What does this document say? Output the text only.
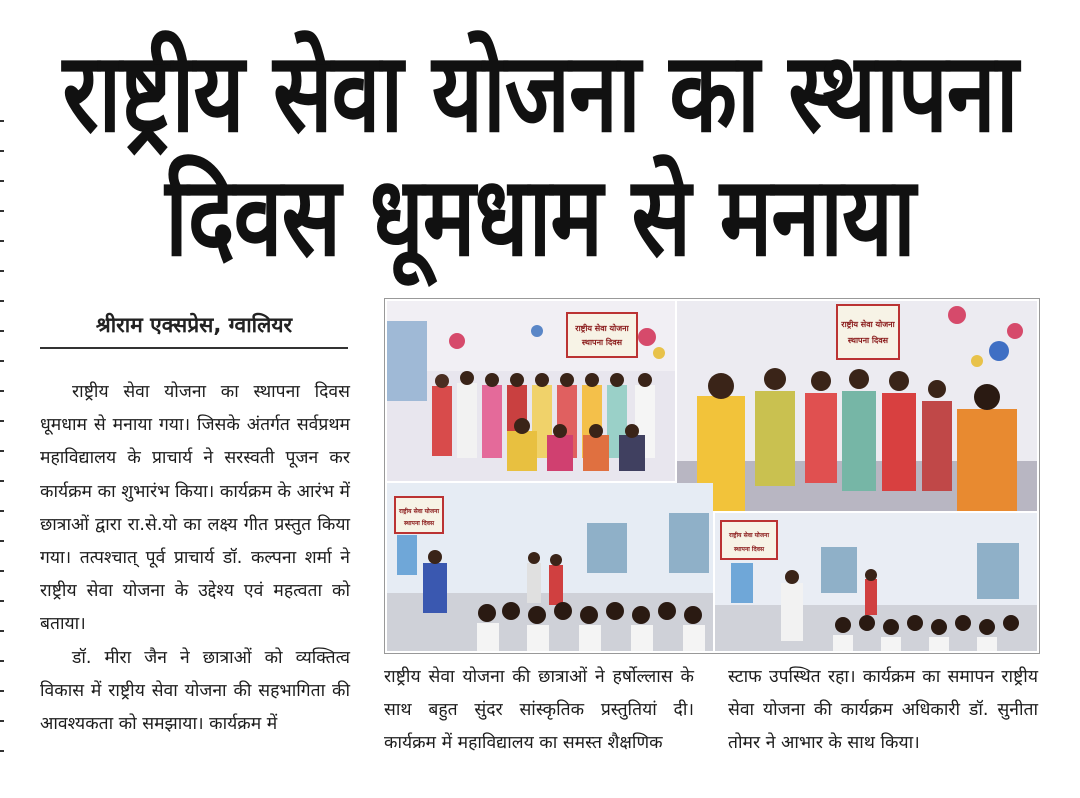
राष्ट्रीय सेवा योजना का स्थापना
दिवस धूमधाम से मनाया
श्रीराम एक्सप्रेस, ग्वालियर

राष्ट्रीय सेवा योजना का स्थापना दिवस धूमधाम से मनाया गया। जिसके अंतर्गत सर्वप्रथम महाविद्यालय के प्राचार्य ने सरस्वती पूजन कर कार्यक्रम का शुभारंभ किया। कार्यक्रम के आरंभ में छात्राओं द्वारा रा.से.यो का लक्ष्य गीत प्रस्तुत किया गया। तत्पश्चात् पूर्व प्राचार्य डॉ. कल्पना शर्मा ने राष्ट्रीय सेवा योजना के उद्देश्य एवं महत्वता को बताया।

डॉ. मीरा जैन ने छात्राओं को व्यक्तित्व विकास में राष्ट्रीय सेवा योजना की सहभागिता की आवश्यकता को समझाया। कार्यक्रम में

राष्ट्रीय सेवा योजना
स्थापना दिवस
राष्ट्रीय सेवा योजना
स्थापना दिवस
राष्ट्रीय सेवा योजना
स्थापना दिवस
राष्ट्रीय सेवा योजना
स्थापना दिवस

राष्ट्रीय सेवा योजना की छात्राओं ने हर्षोल्लास के साथ बहुत सुंदर सांस्कृतिक प्रस्तुतियां दी। कार्यक्रम में महाविद्यालय का समस्त शैक्षणिक

स्टाफ उपस्थित रहा। कार्यक्रम का समापन राष्ट्रीय सेवा योजना की कार्यक्रम अधिकारी डॉ. सुनीता तोमर ने आभार के साथ किया।
